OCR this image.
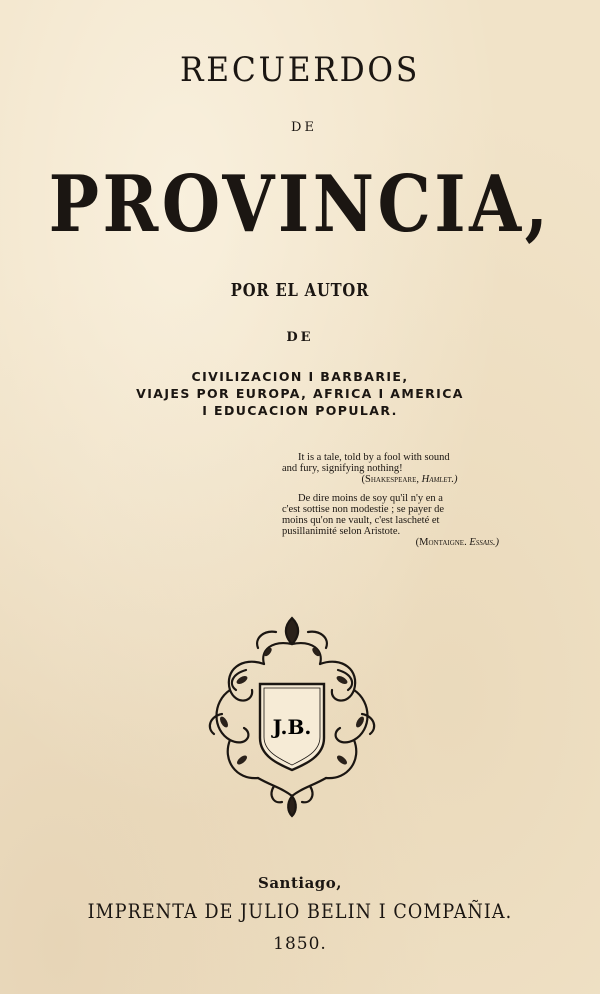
RECUERDOS
DE
PROVINCIA,
POR EL AUTOR
DE
CIVILIZACION I BARBARIE,
VIAJES POR EUROPA, AFRICA I AMERICA
I EDUCACION POPULAR.
It is a tale, told by a fool with sound
and fury, signifying nothing!
(Shakespeare, Hamlet.)
De dire moins de soy qu'il n'y en a
c'est sottise non modestie ; se payer de
moins qu'on ne vault, c'est lascheté et
pusillanimité selon Aristote.
(Montaigne. Essais.)
J.B.
Santiago,
IMPRENTA DE JULIO BELIN I COMPAÑIA.
1850.
